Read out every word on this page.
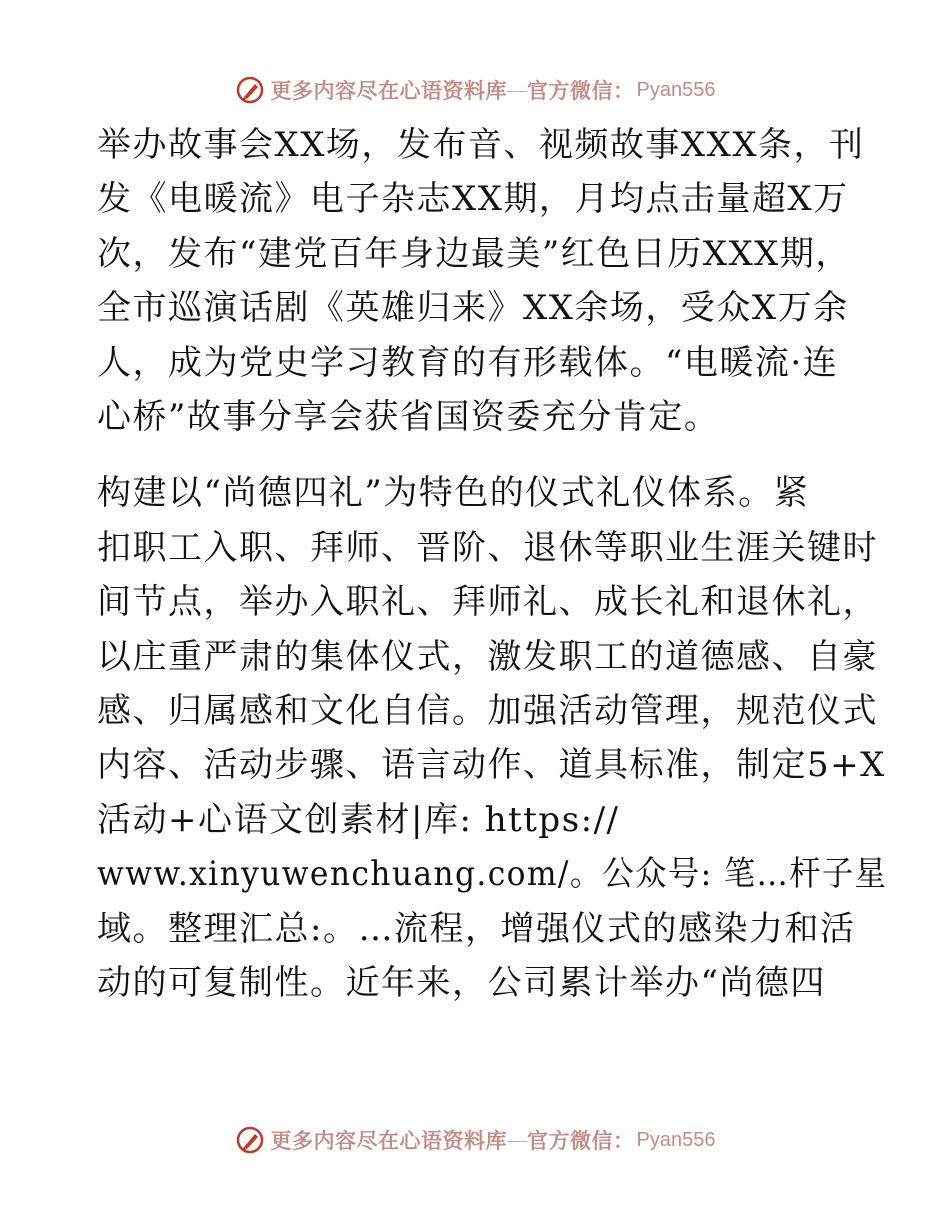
更多内容尽在心语资料库 — 官方微信： Pyan556

举办故事会XX场，发布音、视频故事XXX条，刊
发《电暖流》电子杂志XX期，月均点击量超X万
次，发布“建党百年身边最美”红色日历XXX期，
全市巡演话剧《英雄归来》XX余场，受众X万余
人，成为党史学习教育的有形载体。“电暖流·连
心桥”故事分享会获省国资委充分肯定。

构建以“尚德四礼”为特色的仪式礼仪体系。紧
扣职工入职、拜师、晋阶、退休等职业生涯关键时
间节点，举办入职礼、拜师礼、成长礼和退休礼，
以庄重严肃的集体仪式，激发职工的道德感、自豪
感、归属感和文化自信。加强活动管理，规范仪式
内容、活动步骤、语言动作、道具标准，制定5+X
活动+心语文创素材|库: https://
www.xinyuwenchuang.com/。公众号: 笔…杆子星
域。整理汇总:。…流程，增强仪式的感染力和活
动的可复制性。近年来，公司累计举办“尚德四

更多内容尽在心语资料库 — 官方微信： Pyan556
